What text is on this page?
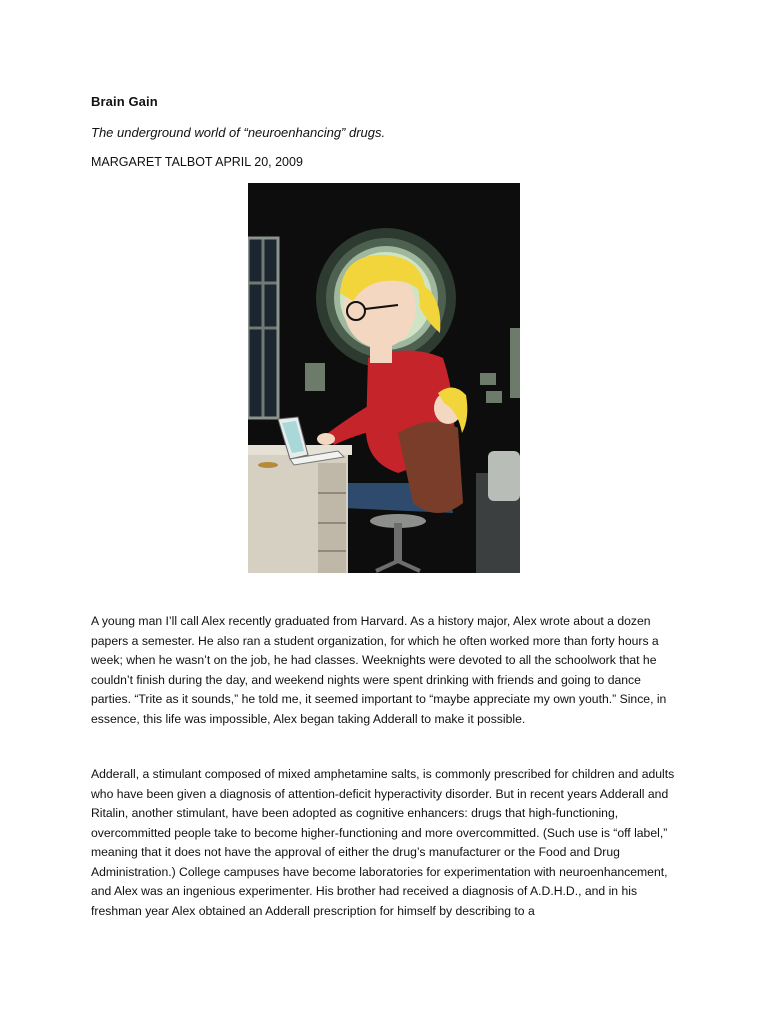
Brain Gain
The underground world of “neuroenhancing” drugs.
MARGARET TALBOT APRIL 20, 2009

A young man I’ll call Alex recently graduated from Harvard. As a history major, Alex wrote about a dozen papers a semester. He also ran a student organization, for which he often worked more than forty hours a week; when he wasn’t on the job, he had classes. Weeknights were devoted to all the schoolwork that he couldn’t finish during the day, and weekend nights were spent drinking with friends and going to dance parties. “Trite as it sounds,” he told me, it seemed important to “maybe appreciate my own youth.” Since, in essence, this life was impossible, Alex began taking Adderall to make it possible.

Adderall, a stimulant composed of mixed amphetamine salts, is commonly prescribed for children and adults who have been given a diagnosis of attention-deficit hyperactivity disorder. But in recent years Adderall and Ritalin, another stimulant, have been adopted as cognitive enhancers: drugs that high-functioning, overcommitted people take to become higher-functioning and more overcommitted. (Such use is “off label,” meaning that it does not have the approval of either the drug’s manufacturer or the Food and Drug Administration.) College campuses have become laboratories for experimentation with neuroenhancement, and Alex was an ingenious experimenter. His brother had received a diagnosis of A.D.H.D., and in his freshman year Alex obtained an Adderall prescription for himself by describing to a
